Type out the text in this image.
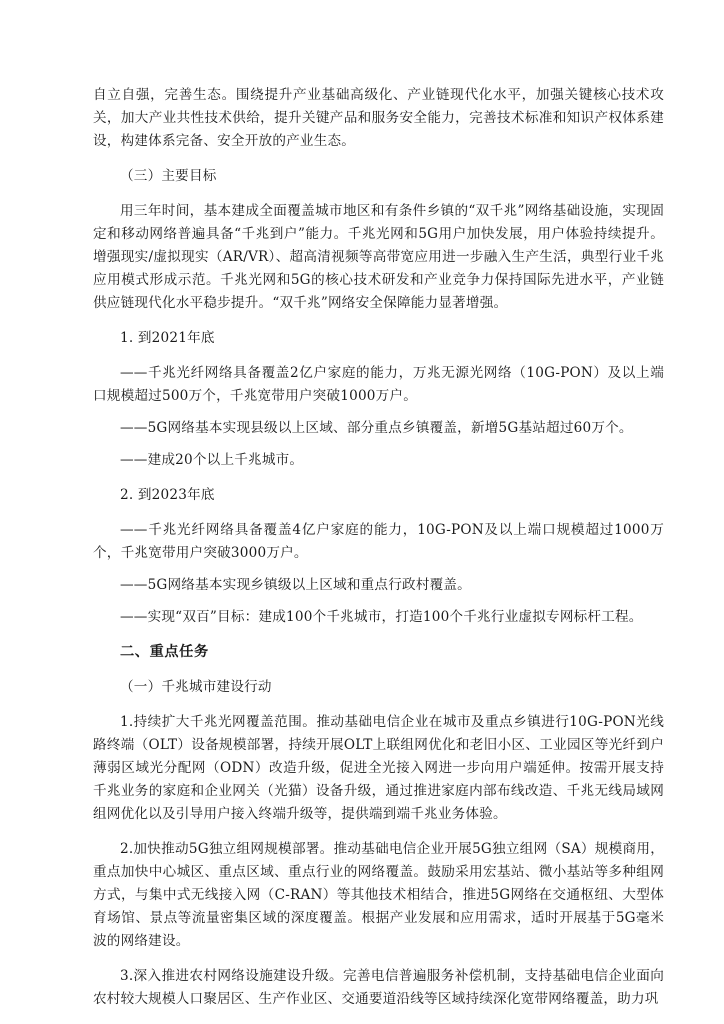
自立自强，完善生态。围绕提升产业基础高级化、产业链现代化水平，加强关键核心技术攻关，加大产业共性技术供给，提升关键产品和服务安全能力，完善技术标准和知识产权体系建设，构建体系完备、安全开放的产业生态。

（三）主要目标

用三年时间，基本建成全面覆盖城市地区和有条件乡镇的“双千兆”网络基础设施，实现固定和移动网络普遍具备“千兆到户”能力。千兆光网和5G用户加快发展，用户体验持续提升。增强现实/虚拟现实（AR/VR）、超高清视频等高带宽应用进一步融入生产生活，典型行业千兆应用模式形成示范。千兆光网和5G的核心技术研发和产业竞争力保持国际先进水平，产业链供应链现代化水平稳步提升。“双千兆”网络安全保障能力显著增强。

1. 到2021年底

——千兆光纤网络具备覆盖2亿户家庭的能力，万兆无源光网络（10G-PON）及以上端口规模超过500万个，千兆宽带用户突破1000万户。

——5G网络基本实现县级以上区域、部分重点乡镇覆盖，新增5G基站超过60万个。

——建成20个以上千兆城市。

2. 到2023年底

——千兆光纤网络具备覆盖4亿户家庭的能力，10G-PON及以上端口规模超过1000万个，千兆宽带用户突破3000万户。

——5G网络基本实现乡镇级以上区域和重点行政村覆盖。

——实现“双百”目标：建成100个千兆城市，打造100个千兆行业虚拟专网标杆工程。

二、重点任务

（一）千兆城市建设行动

1.持续扩大千兆光网覆盖范围。推动基础电信企业在城市及重点乡镇进行10G-PON光线路终端（OLT）设备规模部署，持续开展OLT上联组网优化和老旧小区、工业园区等光纤到户薄弱区域光分配网（ODN）改造升级，促进全光接入网进一步向用户端延伸。按需开展支持千兆业务的家庭和企业网关（光猫）设备升级，通过推进家庭内部布线改造、千兆无线局域网组网优化以及引导用户接入终端升级等，提供端到端千兆业务体验。

2.加快推动5G独立组网规模部署。推动基础电信企业开展5G独立组网（SA）规模商用，重点加快中心城区、重点区域、重点行业的网络覆盖。鼓励采用宏基站、微小基站等多种组网方式，与集中式无线接入网（C-RAN）等其他技术相结合，推进5G网络在交通枢纽、大型体育场馆、景点等流量密集区域的深度覆盖。根据产业发展和应用需求，适时开展基于5G毫米波的网络建设。

3.深入推进农村网络设施建设升级。完善电信普遍服务补偿机制，支持基础电信企业面向农村较大规模人口聚居区、生产作业区、交通要道沿线等区域持续深化宽带网络覆盖，助力巩
